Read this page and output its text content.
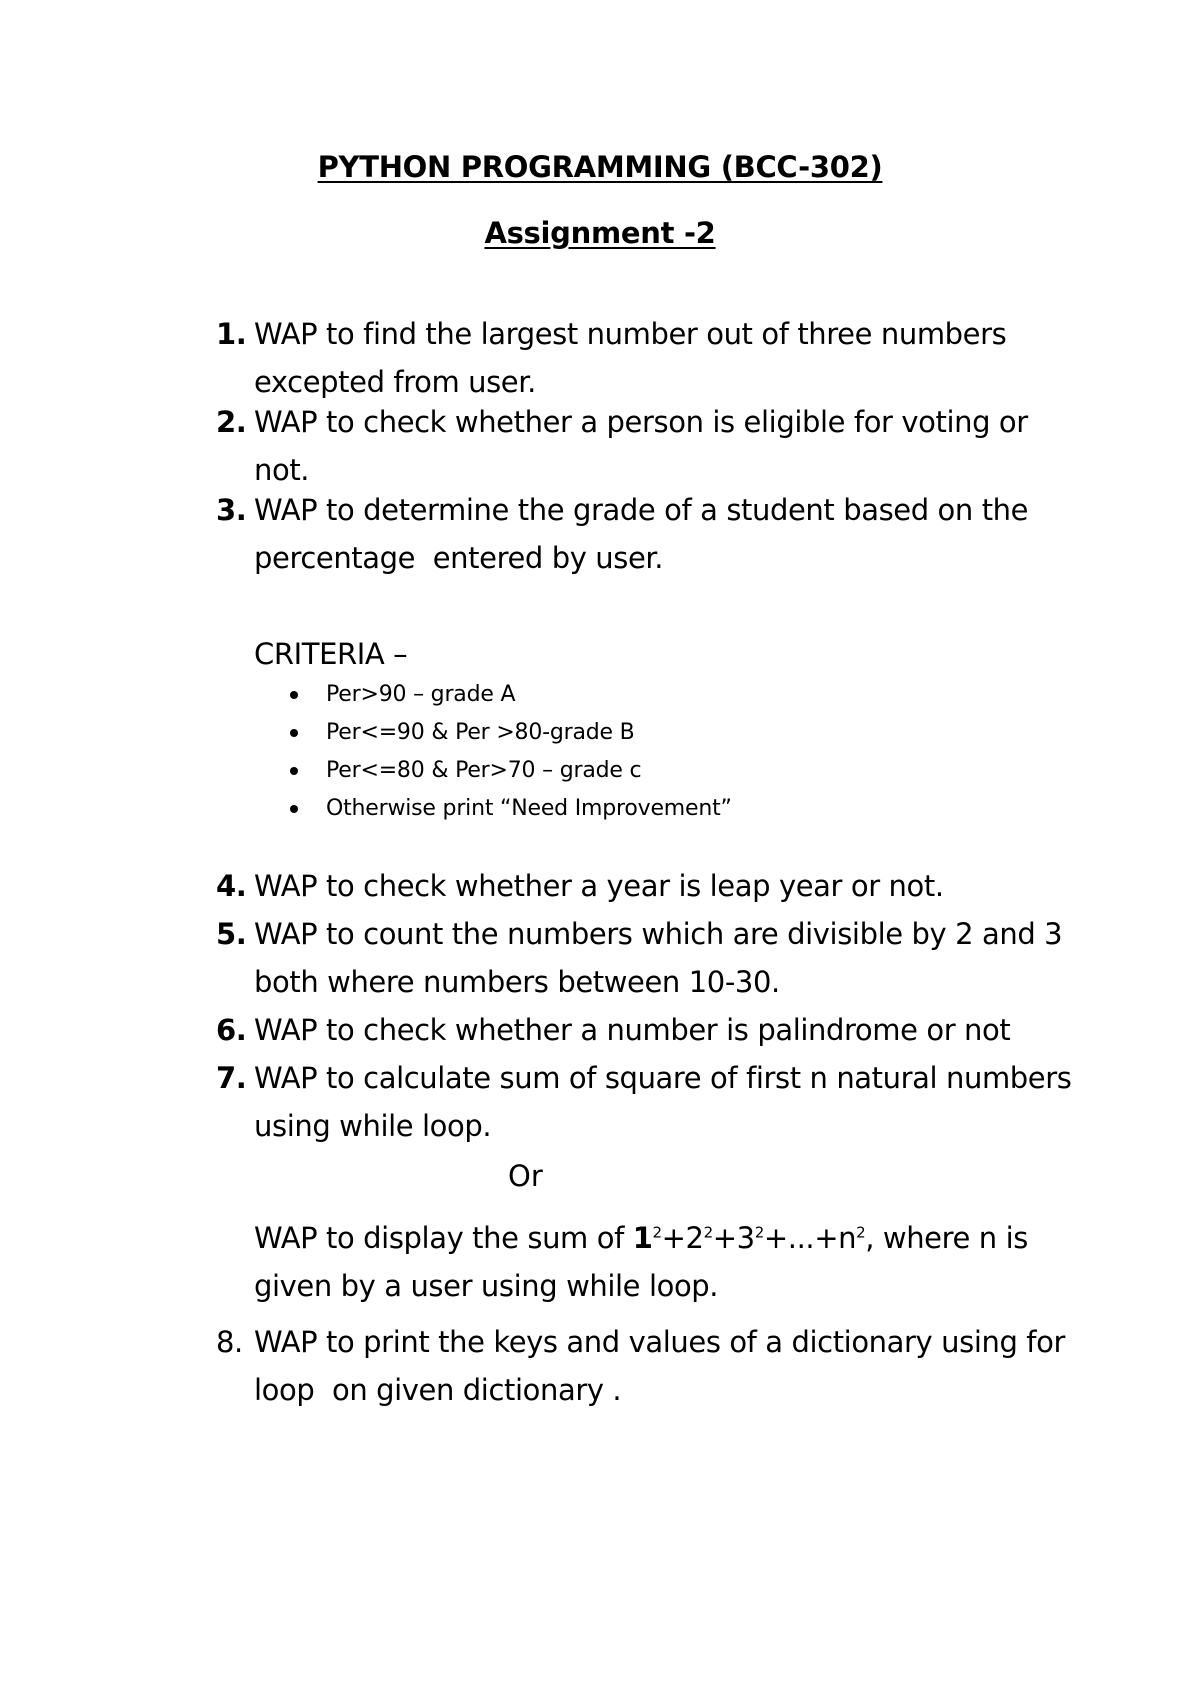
PYTHON PROGRAMMING (BCC-302)
Assignment -2
1. WAP to find the largest number out of three numbers excepted from user.
2. WAP to check whether a person is eligible for voting or not.
3. WAP to determine the grade of a student based on the percentage  entered by user.
CRITERIA –
Per>90 – grade A
Per<=90 & Per >80-grade B
Per<=80 & Per>70 – grade c
Otherwise print “Need Improvement”
4. WAP to check whether a year is leap year or not.
5. WAP to count the numbers which are divisible by 2 and 3 both where numbers between 10-30.
6. WAP to check whether a number is palindrome or not
7. WAP to calculate sum of square of first n natural numbers  using while loop.
Or
WAP to display the sum of $1^2+2^2+3^2+...+n^2$, where n is given by a user using while loop.
8. WAP to print the keys and values of a dictionary using for loop  on given dictionary .
